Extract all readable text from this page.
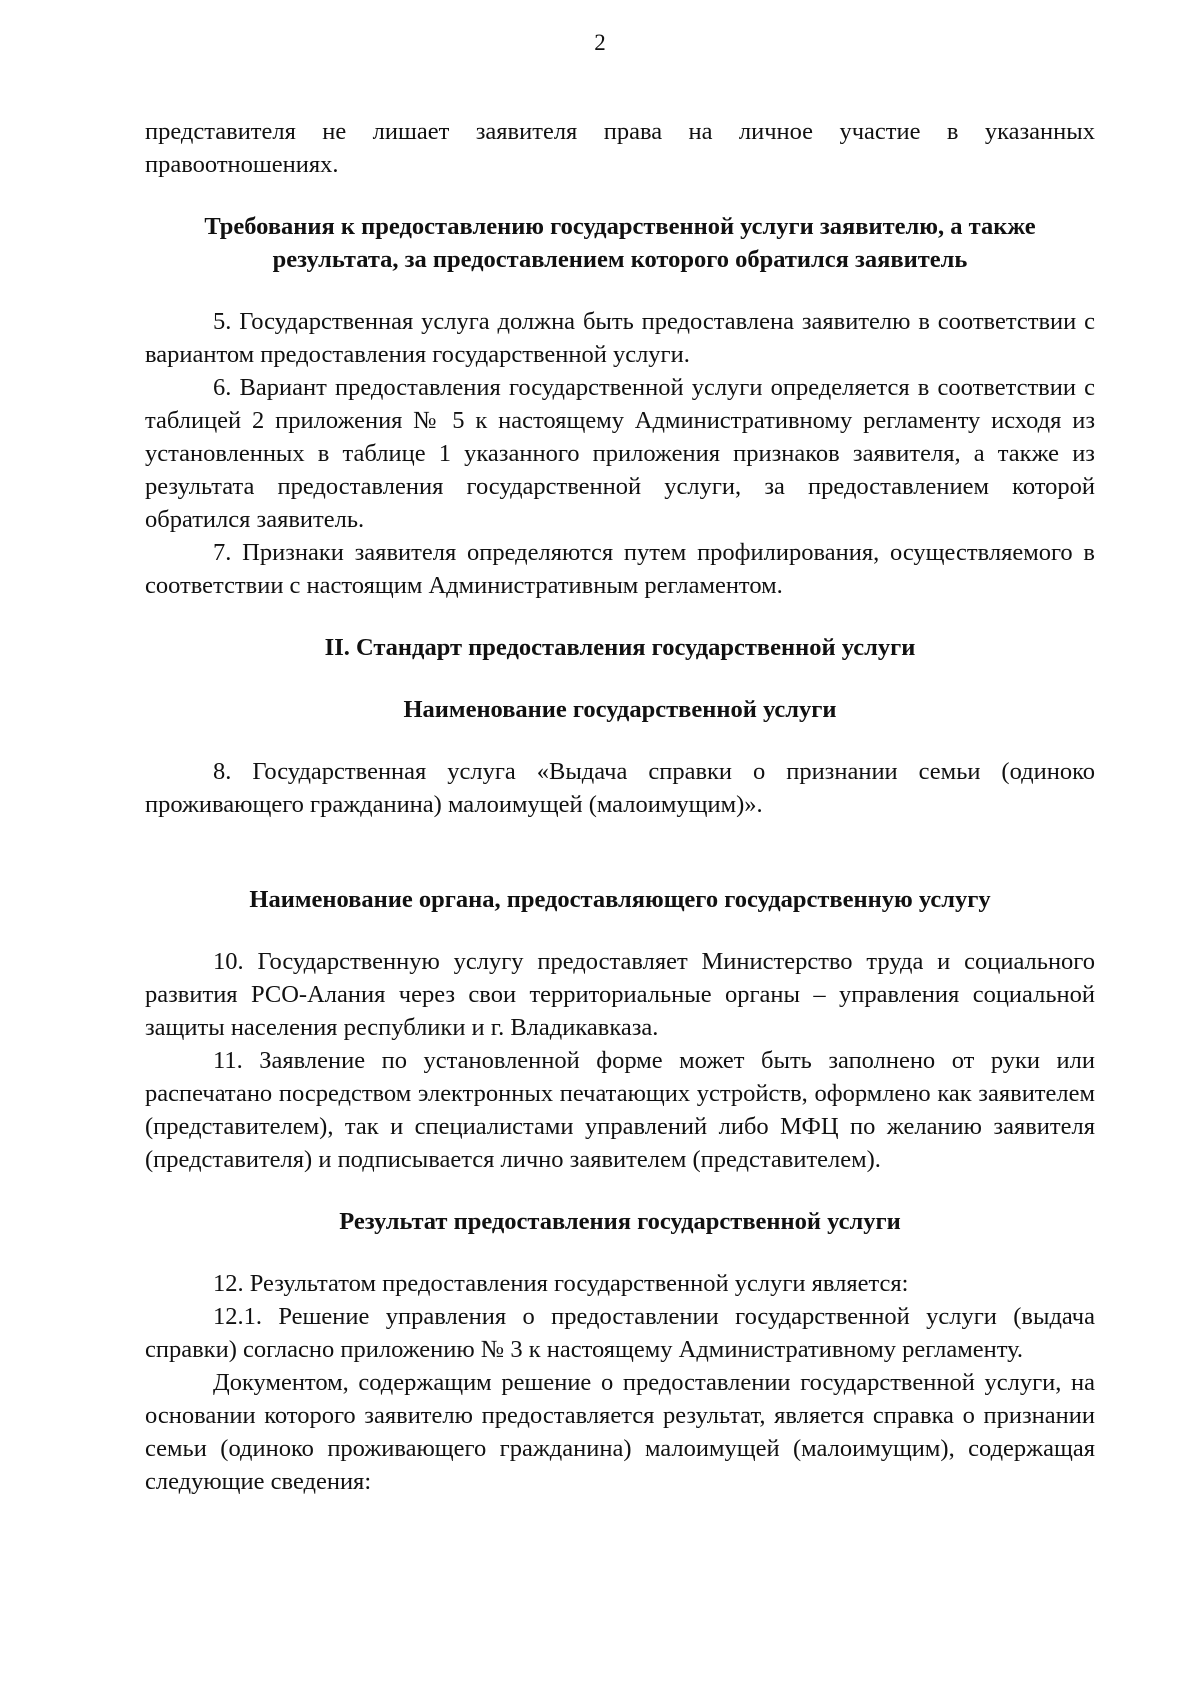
2

представителя не лишает заявителя права на личное участие в указанных правоотношениях.

Требования к предоставлению государственной услуги заявителю, а также результата, за предоставлением которого обратился заявитель

5. Государственная услуга должна быть предоставлена заявителю в соответствии с вариантом предоставления государственной услуги.

6. Вариант предоставления государственной услуги определяется в соответствии с таблицей 2 приложения № 5 к настоящему Административному регламенту исходя из установленных в таблице 1 указанного приложения признаков заявителя, а также из результата предоставления государственной услуги, за предоставлением которой обратился заявитель.

7. Признаки заявителя определяются путем профилирования, осуществляемого в соответствии с настоящим Административным регламентом.

II. Стандарт предоставления государственной услуги
Наименование государственной услуги

8. Государственная услуга «Выдача справки о признании семьи (одиноко проживающего гражданина) малоимущей (малоимущим)».

Наименование органа, предоставляющего государственную услугу

10. Государственную услугу предоставляет Министерство труда и социального развития РСО-Алания через свои территориальные органы – управления социальной защиты населения республики и г. Владикавказа.

11. Заявление по установленной форме может быть заполнено от руки или распечатано посредством электронных печатающих устройств, оформлено как заявителем (представителем), так и специалистами управлений либо МФЦ по желанию заявителя (представителя) и подписывается лично заявителем (представителем).

Результат предоставления государственной услуги

12. Результатом предоставления государственной услуги является:

12.1. Решение управления о предоставлении государственной услуги (выдача справки) согласно приложению № 3 к настоящему Административному регламенту.

Документом, содержащим решение о предоставлении государственной услуги, на основании которого заявителю предоставляется результат, является справка о признании семьи (одиноко проживающего гражданина) малоимущей (малоимущим), содержащая следующие сведения:
